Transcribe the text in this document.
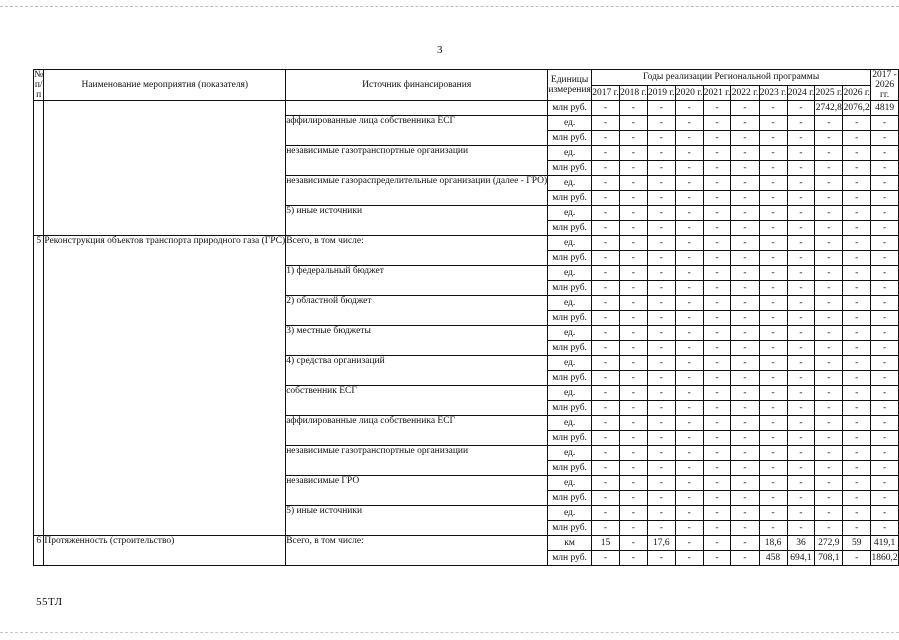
3
№ п/п	Наименование мероприятия (показателя)	Источник финансирования	Единицы измерения	Годы реализации Региональной программы										2017 - 2026 гг.
				2017 г.	2018 г.	2019 г.	2020 г.	2021 г.	2022 г.	2023 г.	2024 г.	2025 г.	2026 г.	
			млн руб.	-	-	-	-	-	-	-	-	2742,8	2076,2	4819
		аффилированные лица собственника ЕСГ	ед.	-	-	-	-	-	-	-	-	-	-	-
			млн руб.	-	-	-	-	-	-	-	-	-	-	-
		независимые газотранспортные организации	ед.	-	-	-	-	-	-	-	-	-	-	-
			млн руб.	-	-	-	-	-	-	-	-	-	-	-
		независимые газораспределительные организации (далее - ГРО)	ед.	-	-	-	-	-	-	-	-	-	-	-
			млн руб.	-	-	-	-	-	-	-	-	-	-	-
		5) иные источники	ед.	-	-	-	-	-	-	-	-	-	-	-
			млн руб.	-	-	-	-	-	-	-	-	-	-	-
5	Реконструкция объектов транспорта природного газа (ГРС)	Всего, в том числе:	ед.	-	-	-	-	-	-	-	-	-	-	-
			млн руб.	-	-	-	-	-	-	-	-	-	-	-
		1) федеральный бюджет	ед.	-	-	-	-	-	-	-	-	-	-	-
			млн руб.	-	-	-	-	-	-	-	-	-	-	-
		2) областной бюджет	ед.	-	-	-	-	-	-	-	-	-	-	-
			млн руб.	-	-	-	-	-	-	-	-	-	-	-
		3) местные бюджеты	ед.	-	-	-	-	-	-	-	-	-	-	-
			млн руб.	-	-	-	-	-	-	-	-	-	-	-
		4) средства организаций	ед.	-	-	-	-	-	-	-	-	-	-	-
			млн руб.	-	-	-	-	-	-	-	-	-	-	-
		собственник ЕСГ	ед.	-	-	-	-	-	-	-	-	-	-	-
			млн руб.	-	-	-	-	-	-	-	-	-	-	-
		аффилированные лица собственника ЕСГ	ед.	-	-	-	-	-	-	-	-	-	-	-
			млн руб.	-	-	-	-	-	-	-	-	-	-	-
		независимые газотранспортные организации	ед.	-	-	-	-	-	-	-	-	-	-	-
			млн руб.	-	-	-	-	-	-	-	-	-	-	-
		независимые ГРО	ед.	-	-	-	-	-	-	-	-	-	-	-
			млн руб.	-	-	-	-	-	-	-	-	-	-	-
		5) иные источники	ед.	-	-	-	-	-	-	-	-	-	-	-
			млн руб.	-	-	-	-	-	-	-	-	-	-	-
6	Протяженность (строительство)	Всего, в том числе:	км	15	-	17,6	-	-	-	18,6	36	272,9	59	419,1
			млн руб.	-	-	-	-	-	-	458	694,1	708,1	-	1860,2
55ТЛ
